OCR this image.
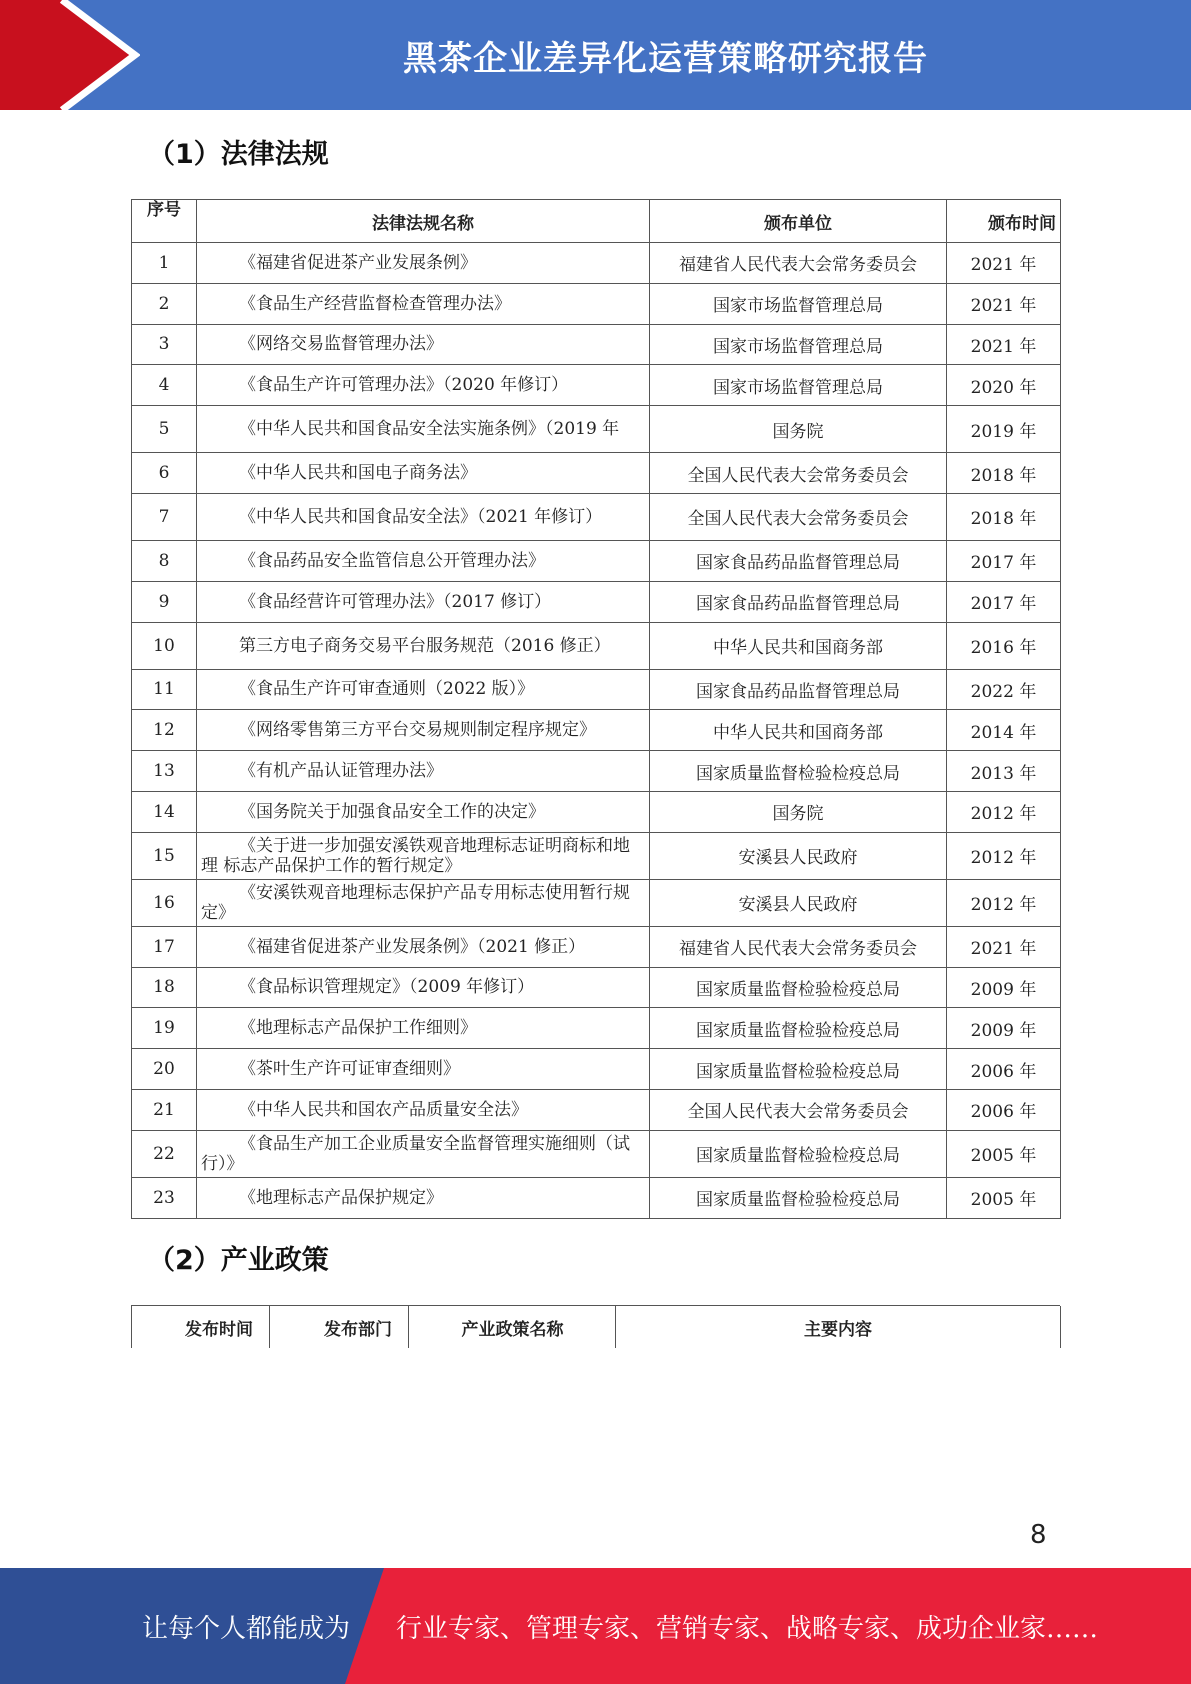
黑茶企业差异化运营策略研究报告
（1）法律法规
序号	法律法规名称	颁布单位	颁布时间
1	《福建省促进茶产业发展条例》	福建省人民代表大会常务委员会	2021 年
2	《食品生产经营监督检查管理办法》	国家市场监督管理总局	2021 年
3	《网络交易监督管理办法》	国家市场监督管理总局	2021 年
4	《食品生产许可管理办法》（2020 年修订）	国家市场监督管理总局	2020 年
5	《中华人民共和国食品安全法实施条例》（2019 年	国务院	2019 年
6	《中华人民共和国电子商务法》	全国人民代表大会常务委员会	2018 年
7	《中华人民共和国食品安全法》（2021 年修订）	全国人民代表大会常务委员会	2018 年
8	《食品药品安全监管信息公开管理办法》	国家食品药品监督管理总局	2017 年
9	《食品经营许可管理办法》（2017 修订）	国家食品药品监督管理总局	2017 年
10	第三方电子商务交易平台服务规范（2016 修正）	中华人民共和国商务部	2016 年
11	《食品生产许可审查通则（2022 版）》	国家食品药品监督管理总局	2022 年
12	《网络零售第三方平台交易规则制定程序规定》	中华人民共和国商务部	2014 年
13	《有机产品认证管理办法》	国家质量监督检验检疫总局	2013 年
14	《国务院关于加强食品安全工作的决定》	国务院	2012 年
15	《关于进一步加强安溪铁观音地理标志证明商标和地理 标志产品保护工作的暂行规定》	安溪县人民政府	2012 年
16	《安溪铁观音地理标志保护产品专用标志使用暂行规定》	安溪县人民政府	2012 年
17	《福建省促进茶产业发展条例》（2021 修正）	福建省人民代表大会常务委员会	2021 年
18	《食品标识管理规定》（2009 年修订）	国家质量监督检验检疫总局	2009 年
19	《地理标志产品保护工作细则》	国家质量监督检验检疫总局	2009 年
20	《茶叶生产许可证审查细则》	国家质量监督检验检疫总局	2006 年
21	《中华人民共和国农产品质量安全法》	全国人民代表大会常务委员会	2006 年
22	《食品生产加工企业质量安全监督管理实施细则（试行）》	国家质量监督检验检疫总局	2005 年
23	《地理标志产品保护规定》	国家质量监督检验检疫总局	2005 年
（2）产业政策
发布时间	发布部门	产业政策名称	主要内容
8
让每个人都能成为 行业专家、管理专家、营销专家、战略专家、成功企业家……
